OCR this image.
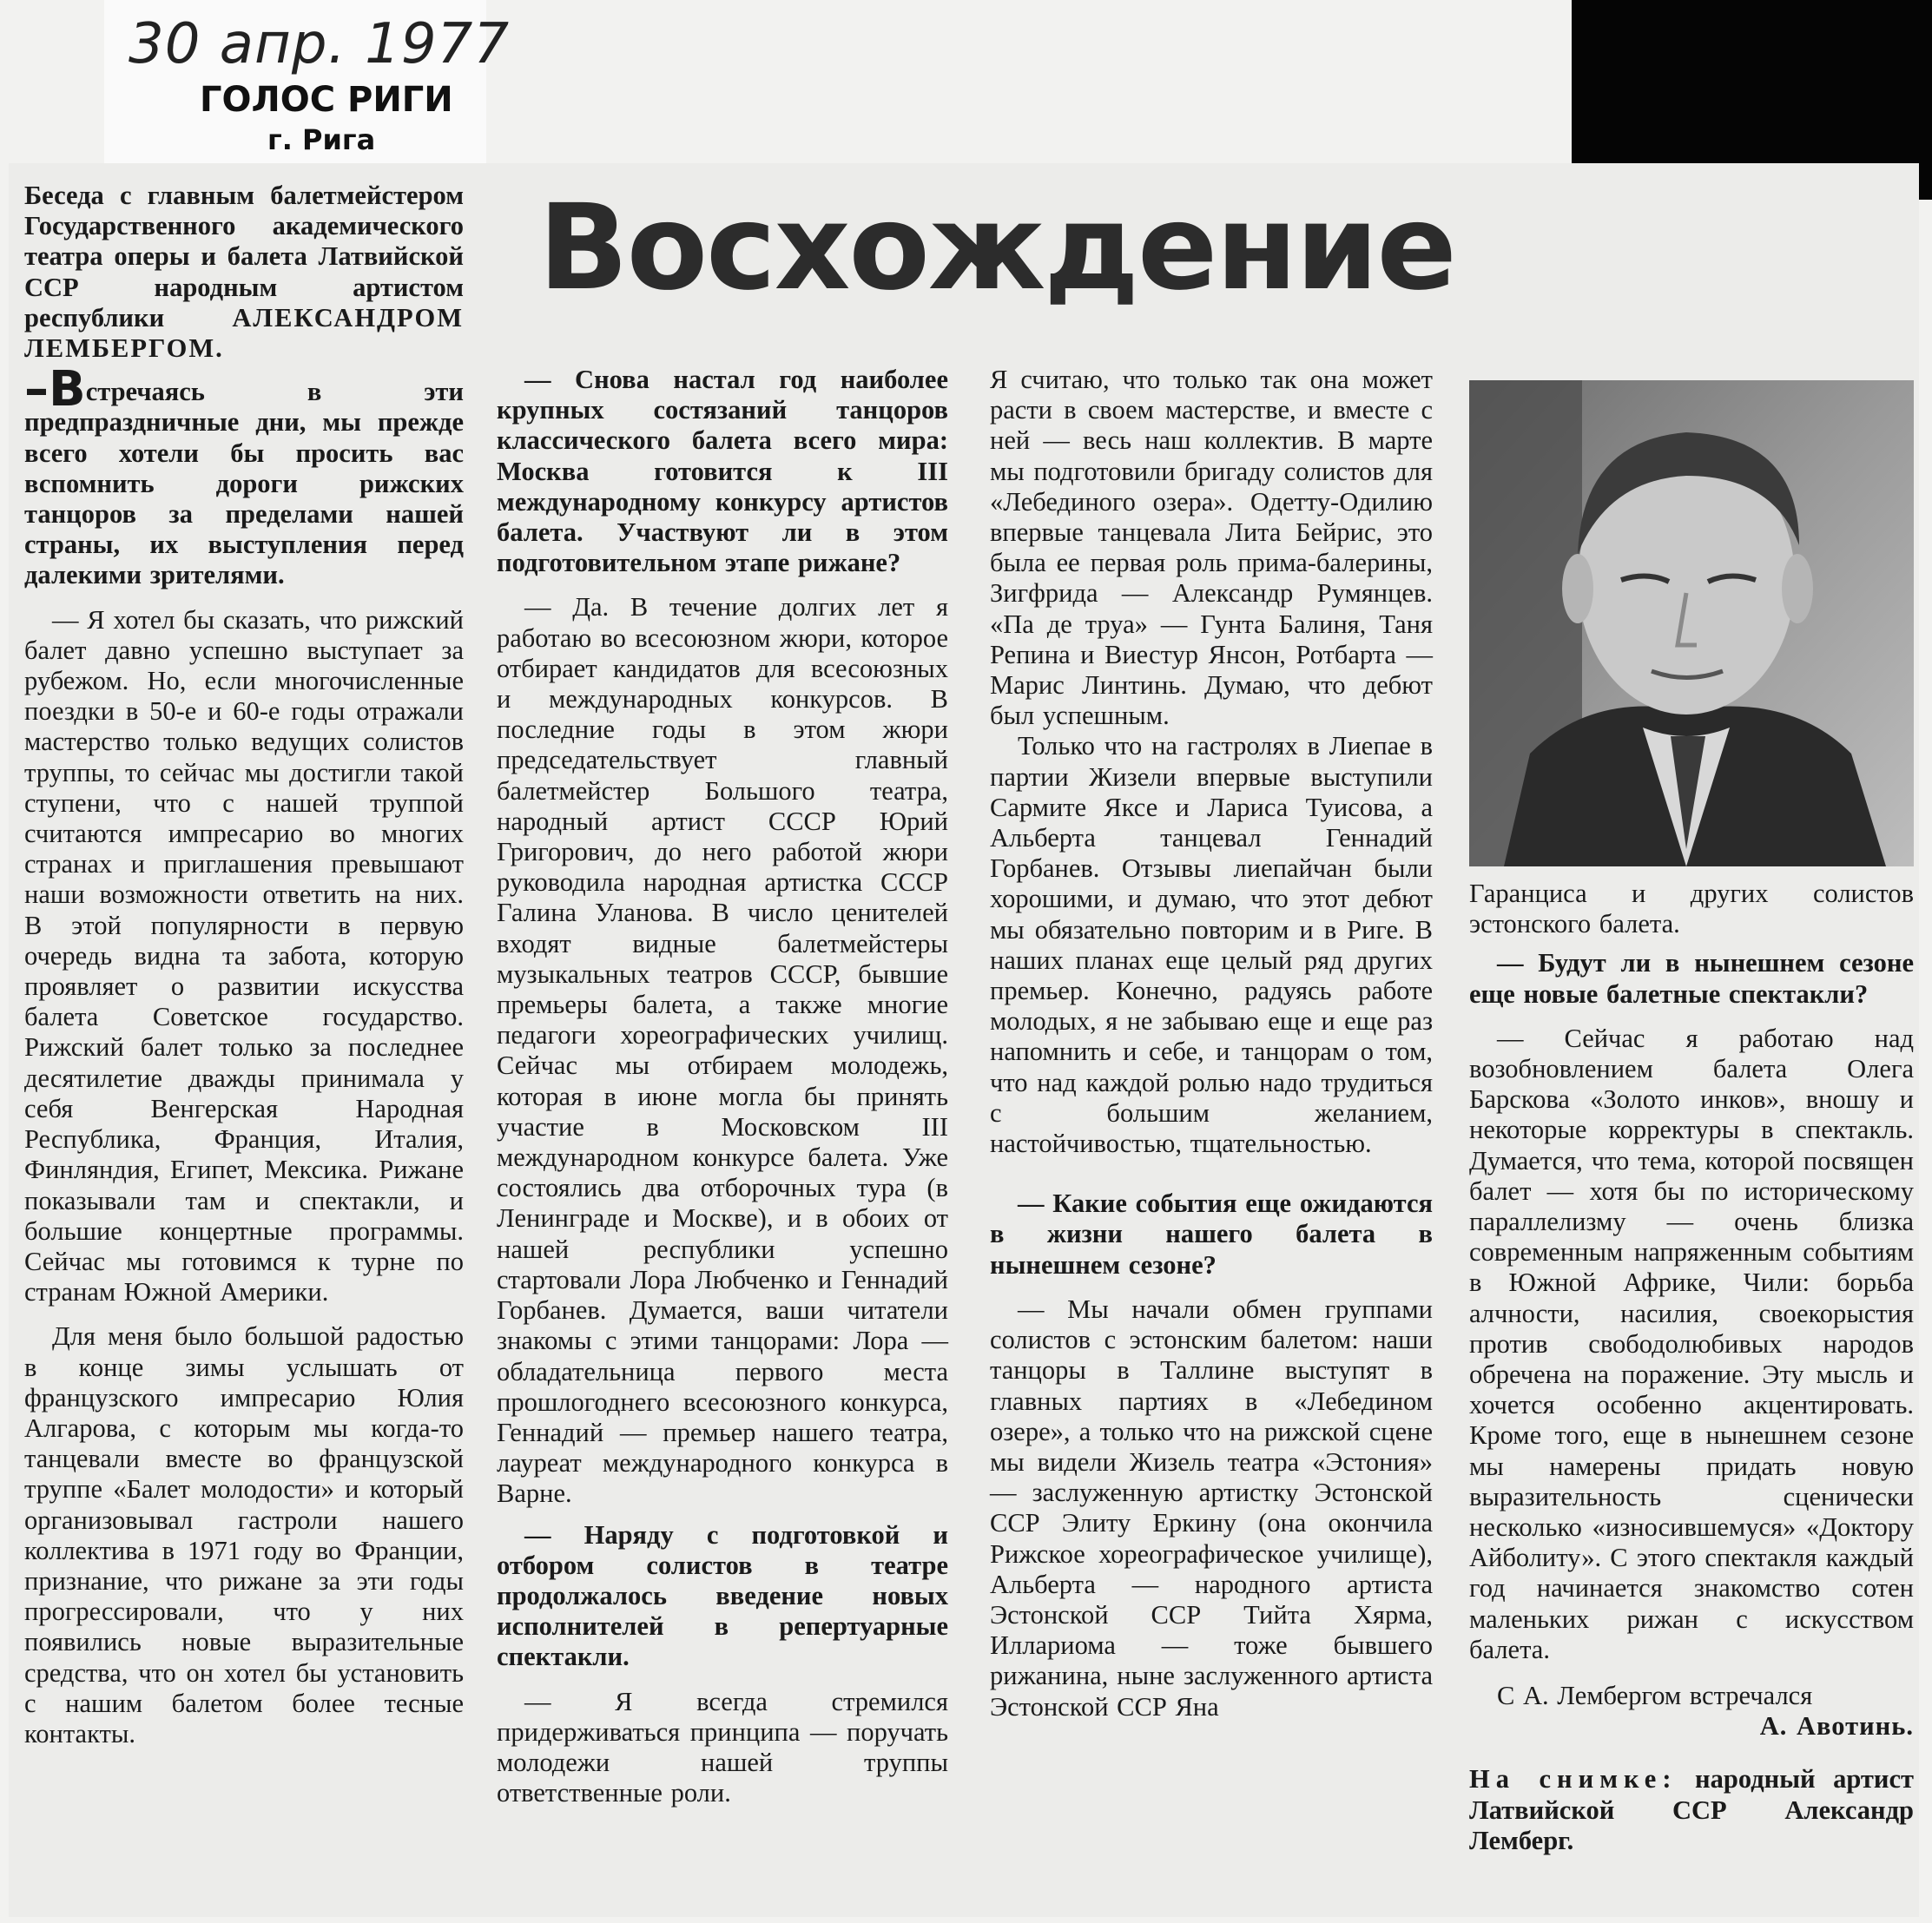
30 апр. 1977
ГОЛОС РИГИ
г. Рига
Восхождение

Беседа с главным балетмейстером Государственного академического театра оперы и балета Латвийской ССР народным артистом республики	АЛЕКСАНДРОМ ЛЕМБЕРГОМ.

–Встречаясь в эти предпраздничные дни, мы прежде всего хотели бы просить вас вспомнить дороги рижских танцоров за пределами нашей страны, их выступления перед далекими зрителями.

— Я хотел бы сказать, что рижский балет давно успешно выступает за рубежом. Но, если многочисленные поездки в 50-е и 60-е годы отражали мастерство только ведущих солистов труппы, то сейчас мы достигли такой ступени, что с нашей труппой считаются импресарио во многих странах и приглашения превышают наши возможности ответить на них. В этой популярности в первую очередь видна та забота, которую проявляет о развитии искусства балета Советское государство. Рижский балет только за последнее десятилетие дважды принимала у себя Венгерская Народная Республика, Франция, Италия, Финляндия, Египет, Мексика. Рижане показывали там и спектакли, и большие концертные программы. Сейчас мы готовимся к турне по странам Южной Америки.

Для меня было большой радостью в конце зимы услышать от французского импресарио Юлия Алгарова, с которым мы когда-то танцевали вместе во французской труппе «Балет молодости» и который организовывал гастроли нашего коллектива в 1971 году во Франции, признание, что рижане за эти годы прогрессировали, что у них появились новые выразительные средства, что он хотел бы установить с нашим балетом более тесные контакты.

— Снова настал год наиболее крупных состязаний танцоров классического балета всего мира: Москва готовится к III международному конкурсу артистов балета. Участвуют ли в этом подготовительном этапе рижане?

— Да. В течение долгих лет я работаю во всесоюзном жюри, которое отбирает кандидатов для всесоюзных и международных конкурсов. В последние годы в этом жюри председательствует главный балетмейстер Большого театра, народный артист СССР Юрий Григорович, до него работой жюри руководила народная артистка СССР Галина Уланова. В число ценителей входят видные балетмейстеры музыкальных театров СССР, бывшие премьеры балета, а также многие педагоги хореографических училищ. Сейчас мы отбираем молодежь, которая в июне могла бы принять участие в Московском III международном конкурсе балета. Уже состоялись два отборочных тура (в Ленинграде и Москве), и в обоих от нашей республики успешно стартовали Лора Любченко и Геннадий Горбанев. Думается, ваши читатели знакомы с этими танцорами: Лора — обладательница первого места прошлогоднего всесоюзного конкурса, Геннадий — премьер нашего театра, лауреат международного конкурса в Варне.

— Наряду с подготовкой и отбором солистов в театре продолжалось введение новых исполнителей в репертуарные спектакли.

— Я всегда стремился придерживаться принципа — поручать молодежи нашей труппы ответственные роли.

Я считаю, что только так она может расти в своем мастерстве, и вместе с ней — весь наш коллектив. В марте мы подготовили бригаду солистов для «Лебединого озера». Одетту-Одилию впервые танцевала Лита Бейрис, это была ее первая роль прима-балерины, Зигфрида — Александр Румянцев. «Па де труа» — Гунта Балиня, Таня Репина и Виестур Янсон, Ротбарта — Марис Линтинь. Думаю, что дебют был успешным.

Только что на гастролях в Лиепае в партии Жизели впервые выступили Сармите Яксе и Лариса Туисова, а Альберта танцевал Геннадий Горбанев. Отзывы лиепайчан были хорошими, и думаю, что этот дебют мы обязательно повторим и в Риге. В наших планах еще целый ряд других премьер. Конечно, радуясь работе молодых, я не забываю еще и еще раз напомнить и себе, и танцорам о том, что над каждой ролью надо трудиться с большим желанием, настойчивостью, тщательностью.

— Какие события еще ожидаются в жизни нашего балета в нынешнем сезоне?

— Мы начали обмен группами солистов с эстонским балетом: наши танцоры в Таллине выступят в главных партиях в «Лебедином озере», а только что на рижской сцене мы видели Жизель театра «Эстония» — заслуженную артистку Эстонской ССР Элиту Еркину (она окончила Рижское хореографическое училище), Альберта — народного артиста Эстонской ССР Тийта Хярма, Иллариома — тоже бывшего рижанина, ныне заслуженного артиста Эстонской ССР Яна

Гаранциса и других солистов эстонского балета.

— Будут ли в нынешнем сезоне еще новые балетные спектакли?

— Сейчас я работаю над возобновлением балета Олега Барскова «Золото инков», вношу и некоторые корректуры в спектакль. Думается, что тема, которой посвящен балет — хотя бы по историческому параллелизму — очень близка современным напряженным событиям в Южной Африке, Чили: борьба алчности, насилия, своекорыстия против свободолюбивых народов обречена на поражение. Эту мысль и хочется особенно акцентировать. Кроме того, еще в нынешнем сезоне мы намерены придать новую выразительность сценически несколько «износившемуся» «Доктору Айболиту». С этого спектакля каждый год начинается знакомство сотен маленьких рижан с искусством балета.

С А. Лембергом встречался

А. Авотинь.

На снимке: народный артист Латвийской ССР Александр Лемберг.
